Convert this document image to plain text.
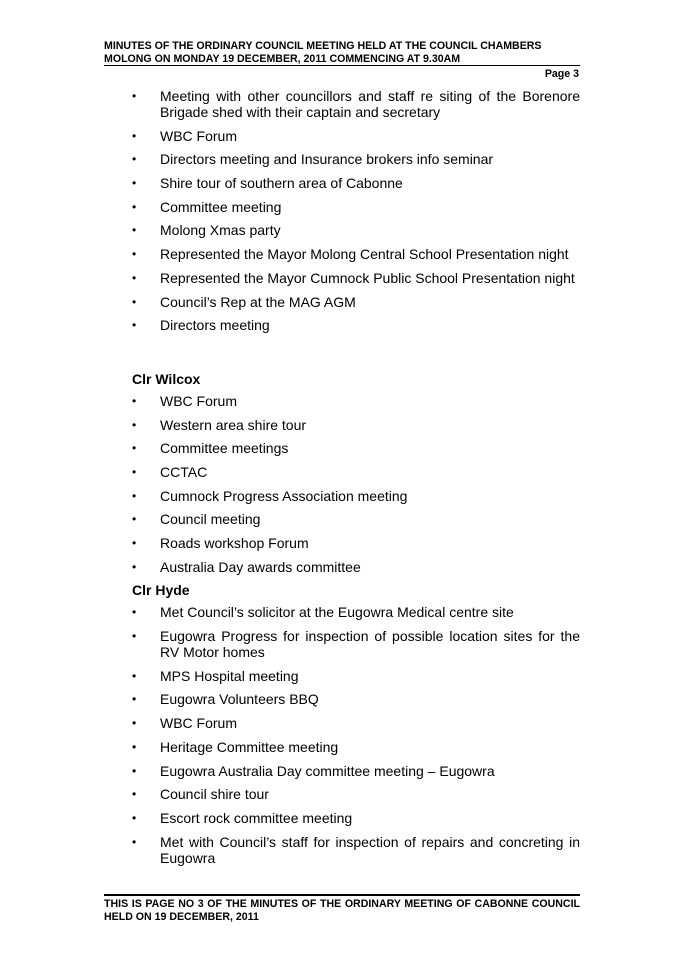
MINUTES OF THE ORDINARY COUNCIL MEETING HELD AT THE COUNCIL CHAMBERS
MOLONG ON MONDAY 19 DECEMBER, 2011 COMMENCING AT 9.30AM
Page 3
• Meeting with other councillors and staff re siting of the Borenore Brigade shed with their captain and secretary
• WBC Forum
• Directors meeting and Insurance brokers info seminar
• Shire tour of southern area of Cabonne
• Committee meeting
• Molong Xmas party
• Represented the Mayor Molong Central School Presentation night
• Represented the Mayor Cumnock Public School Presentation night
• Council’s Rep at the MAG AGM
• Directors meeting
Clr Wilcox
• WBC Forum
• Western area shire tour
• Committee meetings
• CCTAC
• Cumnock Progress Association meeting
• Council meeting
• Roads workshop Forum
• Australia Day awards committee
Clr Hyde
• Met Council’s solicitor at the Eugowra Medical centre site
• Eugowra Progress for inspection of possible location sites for the RV Motor homes
• MPS Hospital meeting
• Eugowra Volunteers BBQ
• WBC Forum
• Heritage Committee meeting
• Eugowra Australia Day committee meeting – Eugowra
• Council shire tour
• Escort rock committee meeting
• Met with Council’s staff for inspection of repairs and concreting in Eugowra
THIS IS PAGE NO 3 OF THE MINUTES OF THE ORDINARY MEETING OF CABONNE COUNCIL HELD ON 19 DECEMBER, 2011
